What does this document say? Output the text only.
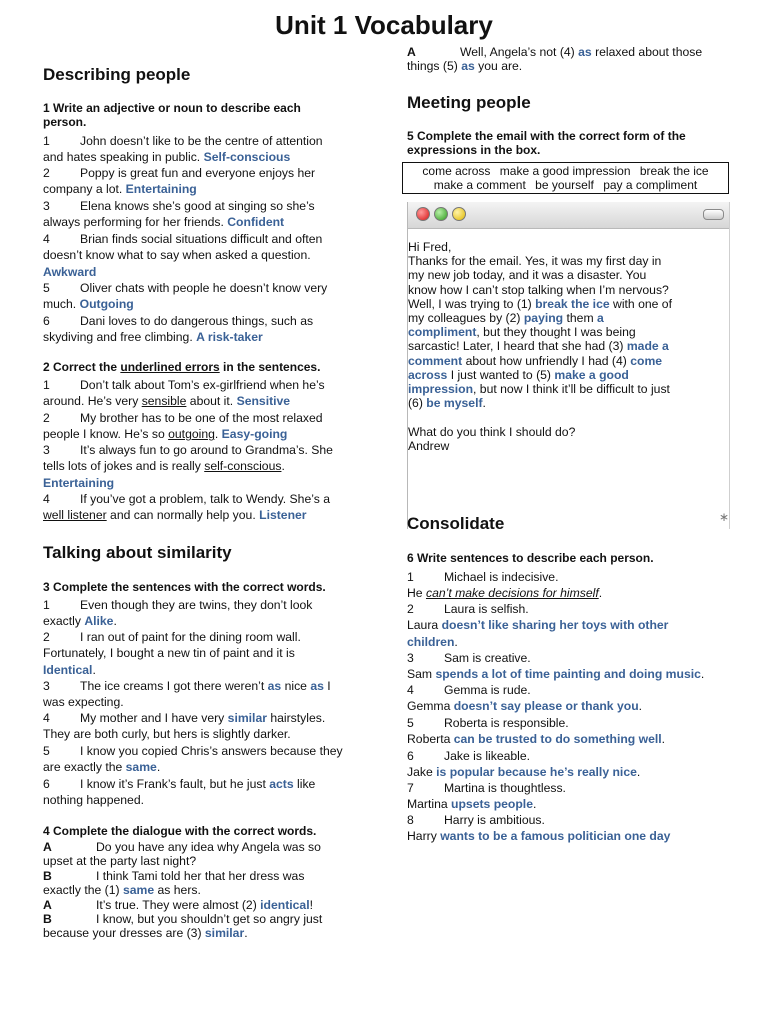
Unit 1 Vocabulary
Describing people
1 Write an adjective or noun to describe each person.
1 John doesn’t like to be the centre of attention
and hates speaking in public. Self-conscious
2 Poppy is great fun and everyone enjoys her
company a lot. Entertaining
3 Elena knows she’s good at singing so she’s
always performing for her friends. Confident
4 Brian finds social situations difficult and often
doesn’t know what to say when asked a question.
Awkward
5 Oliver chats with people he doesn’t know very
much. Outgoing
6 Dani loves to do dangerous things, such as
skydiving and free climbing. A risk-taker
2 Correct the underlined errors in the sentences.
1 Don’t talk about Tom’s ex-girlfriend when he’s
around. He’s very sensible about it. Sensitive
2 My brother has to be one of the most relaxed
people I know. He’s so outgoing. Easy-going
3 It’s always fun to go around to Grandma’s. She
tells lots of jokes and is really self-conscious.
Entertaining
4 If you’ve got a problem, talk to Wendy. She’s a
well listener and can normally help you. Listener
Talking about similarity
3 Complete the sentences with the correct words.
1 Even though they are twins, they don’t look
exactly Alike.
2 I ran out of paint for the dining room wall.
Fortunately, I bought a new tin of paint and it is
Identical.
3 The ice creams I got there weren’t as nice as I
was expecting.
4 My mother and I have very similar hairstyles.
They are both curly, but hers is slightly darker.
5 I know you copied Chris’s answers because they
are exactly the same.
6 I know it’s Frank’s fault, but he just acts like
nothing happened.
4 Complete the dialogue with the correct words.
A	Do you have any idea why Angela was so
upset at the party last night?
B	I think Tami told her that her dress was
exactly the (1) same as hers.
A	It’s true. They were almost (2) identical!
B	I know, but you shouldn’t get so angry just
because your dresses are (3) similar.
A	Well, Angela’s not (4) as relaxed about those
things (5) as you are.
Meeting people
5 Complete the email with the correct form of the expressions in the box.
come across make a good impression break the ice
make a comment be yourself pay a compliment
Hi Fred,
Thanks for the email. Yes, it was my first day in
my new job today, and it was a disaster. You
know how I can’t stop talking when I’m nervous?
Well, I was trying to (1) break the ice with one of
my colleagues by (2) paying them a
compliment, but they thought I was being
sarcastic! Later, I heard that she had (3) made a
comment about how unfriendly I had (4) come
across I just wanted to (5) make a good
impression, but now I think it’ll be difficult to just
(6) be myself.

What do you think I should do?
Andrew
∗
Consolidate
6 Write sentences to describe each person.
1 Michael is indecisive.
He can’t make decisions for himself.
2 Laura is selfish.
Laura doesn’t like sharing her toys with other
children.
3 Sam is creative.
Sam spends a lot of time painting and doing music.
4 Gemma is rude.
Gemma doesn’t say please or thank you.
5 Roberta is responsible.
Roberta can be trusted to do something well.
6 Jake is likeable.
Jake is popular because he’s really nice.
7 Martina is thoughtless.
Martina upsets people.
8 Harry is ambitious.
Harry wants to be a famous politician one day
